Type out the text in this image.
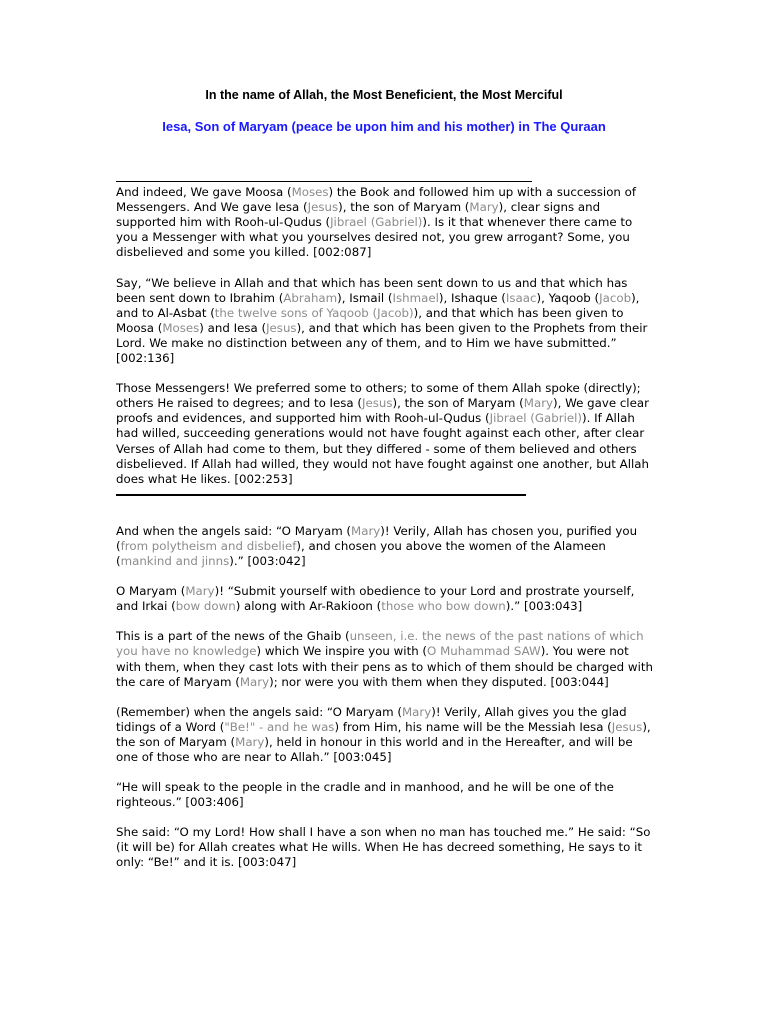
In the name of Allah, the Most Beneficient, the Most Merciful
Iesa, Son of Maryam (peace be upon him and his mother) in The Quraan

And indeed, We gave Moosa (Moses) the Book and followed him up with a succession of Messengers. And We gave Iesa (Jesus), the son of Maryam (Mary), clear signs and supported him with Rooh-ul-Qudus (Jibrael (Gabriel)). Is it that whenever there came to you a Messenger with what you yourselves desired not, you grew arrogant? Some, you disbelieved and some you killed. [002:087]

Say, “We believe in Allah and that which has been sent down to us and that which has been sent down to Ibrahim (Abraham), Ismail (Ishmael), Ishaque (Isaac), Yaqoob (Jacob), and to Al-Asbat (the twelve sons of Yaqoob (Jacob)), and that which has been given to Moosa (Moses) and Iesa (Jesus), and that which has been given to the Prophets from their Lord. We make no distinction between any of them, and to Him we have submitted.” [002:136]

Those Messengers! We preferred some to others; to some of them Allah spoke (directly); others He raised to degrees; and to Iesa (Jesus), the son of Maryam (Mary), We gave clear proofs and evidences, and supported him with Rooh-ul-Qudus (Jibrael (Gabriel)). If Allah had willed, succeeding generations would not have fought against each other, after clear Verses of Allah had come to them, but they differed - some of them believed and others disbelieved. If Allah had willed, they would not have fought against one another, but Allah does what He likes. [002:253]

And when the angels said: “O Maryam (Mary)! Verily, Allah has chosen you, purified you (from polytheism and disbelief), and chosen you above the women of the Alameen (mankind and jinns).” [003:042]

O Maryam (Mary)! “Submit yourself with obedience to your Lord and prostrate yourself, and Irkai (bow down) along with Ar-Rakioon (those who bow down).” [003:043]

This is a part of the news of the Ghaib (unseen, i.e. the news of the past nations of which you have no knowledge) which We inspire you with (O Muhammad SAW). You were not with them, when they cast lots with their pens as to which of them should be charged with the care of Maryam (Mary); nor were you with them when they disputed. [003:044]

(Remember) when the angels said: “O Maryam (Mary)! Verily, Allah gives you the glad tidings of a Word ("Be!" - and he was) from Him, his name will be the Messiah Iesa (Jesus), the son of Maryam (Mary), held in honour in this world and in the Hereafter, and will be one of those who are near to Allah.” [003:045]

“He will speak to the people in the cradle and in manhood, and he will be one of the righteous.” [003:406]

She said: “O my Lord! How shall I have a son when no man has touched me.” He said: “So (it will be) for Allah creates what He wills. When He has decreed something, He says to it only: “Be!” and it is. [003:047]
